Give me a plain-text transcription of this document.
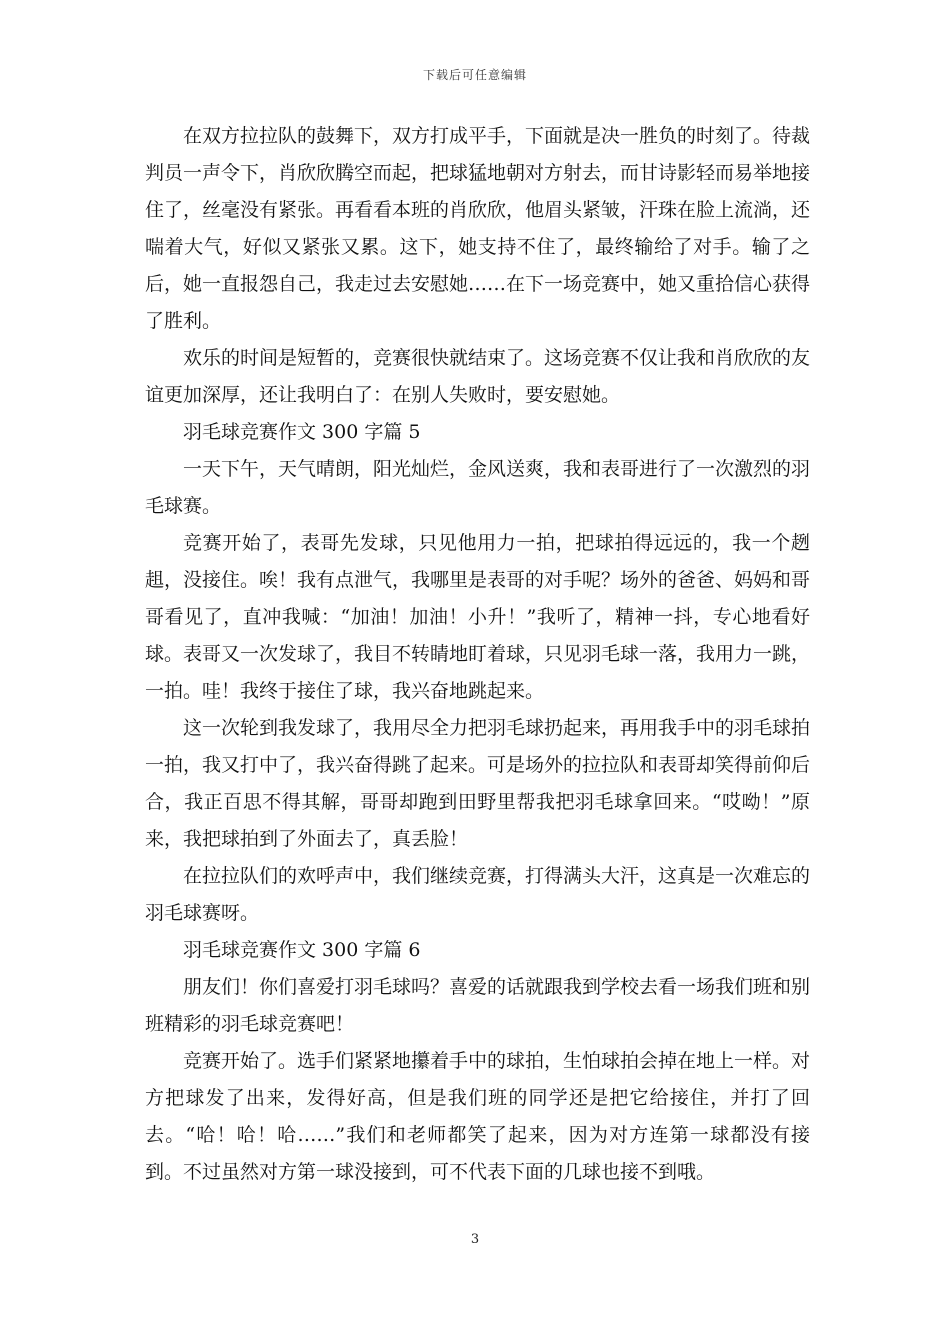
下载后可任意编辑

在双方拉拉队的鼓舞下，双方打成平手，下面就是决一胜负的时刻了。待裁判员一声令下，肖欣欣腾空而起，把球猛地朝对方射去，而甘诗影轻而易举地接住了，丝毫没有紧张。再看看本班的肖欣欣，他眉头紧皱，汗珠在脸上流淌，还喘着大气，好似又紧张又累。这下，她支持不住了，最终输给了对手。输了之后，她一直报怨自己，我走过去安慰她……在下一场竞赛中，她又重拾信心获得了胜利。

欢乐的时间是短暂的，竞赛很快就结束了。这场竞赛不仅让我和肖欣欣的友谊更加深厚，还让我明白了：在别人失败时，要安慰她。

羽毛球竞赛作文 300 字篇 5

一天下午，天气晴朗，阳光灿烂，金风送爽，我和表哥进行了一次激烈的羽毛球赛。

竞赛开始了，表哥先发球，只见他用力一拍，把球拍得远远的，我一个趔趄，没接住。唉！我有点泄气，我哪里是表哥的对手呢？场外的爸爸、妈妈和哥哥看见了，直冲我喊：“加油！加油！小升！”我听了，精神一抖，专心地看好球。表哥又一次发球了，我目不转睛地盯着球，只见羽毛球一落，我用力一跳，一拍。哇！我终于接住了球，我兴奋地跳起来。

这一次轮到我发球了，我用尽全力把羽毛球扔起来，再用我手中的羽毛球拍一拍，我又打中了，我兴奋得跳了起来。可是场外的拉拉队和表哥却笑得前仰后合，我正百思不得其解，哥哥却跑到田野里帮我把羽毛球拿回来。“哎呦！”原来，我把球拍到了外面去了，真丢脸！

在拉拉队们的欢呼声中，我们继续竞赛，打得满头大汗，这真是一次难忘的羽毛球赛呀。

羽毛球竞赛作文 300 字篇 6

朋友们！你们喜爱打羽毛球吗？喜爱的话就跟我到学校去看一场我们班和别班精彩的羽毛球竞赛吧！

竞赛开始了。选手们紧紧地攥着手中的球拍，生怕球拍会掉在地上一样。对方把球发了出来，发得好高，但是我们班的同学还是把它给接住，并打了回去。“哈！哈！哈……”我们和老师都笑了起来，因为对方连第一球都没有接到。不过虽然对方第一球没接到，可不代表下面的几球也接不到哦。

3
